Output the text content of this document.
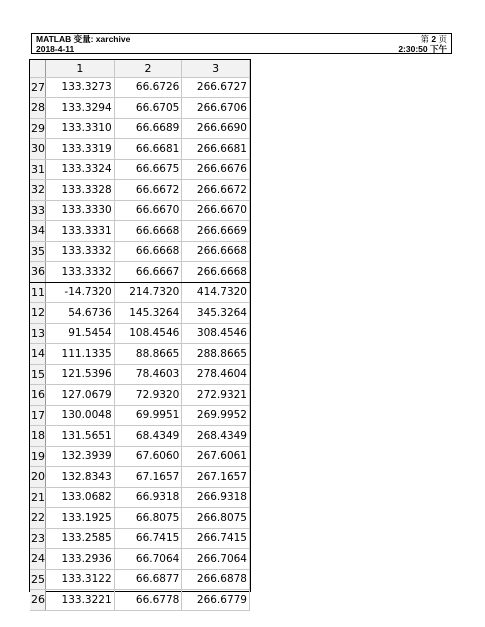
MATLAB 变量: xarchive
2018-4-11
第 2 页
2:30:50 下午
	1	2	3
27	133.3273	66.6726	266.6727
28	133.3294	66.6705	266.6706
29	133.3310	66.6689	266.6690
30	133.3319	66.6681	266.6681
31	133.3324	66.6675	266.6676
32	133.3328	66.6672	266.6672
33	133.3330	66.6670	266.6670
34	133.3331	66.6668	266.6669
35	133.3332	66.6668	266.6668
36	133.3332	66.6667	266.6668
11	-14.7320	214.7320	414.7320
12	54.6736	145.3264	345.3264
13	91.5454	108.4546	308.4546
14	111.1335	88.8665	288.8665
15	121.5396	78.4603	278.4604
16	127.0679	72.9320	272.9321
17	130.0048	69.9951	269.9952
18	131.5651	68.4349	268.4349
19	132.3939	67.6060	267.6061
20	132.8343	67.1657	267.1657
21	133.0682	66.9318	266.9318
22	133.1925	66.8075	266.8075
23	133.2585	66.7415	266.7415
24	133.2936	66.7064	266.7064
25	133.3122	66.6877	266.6878
26	133.3221	66.6778	266.6779
